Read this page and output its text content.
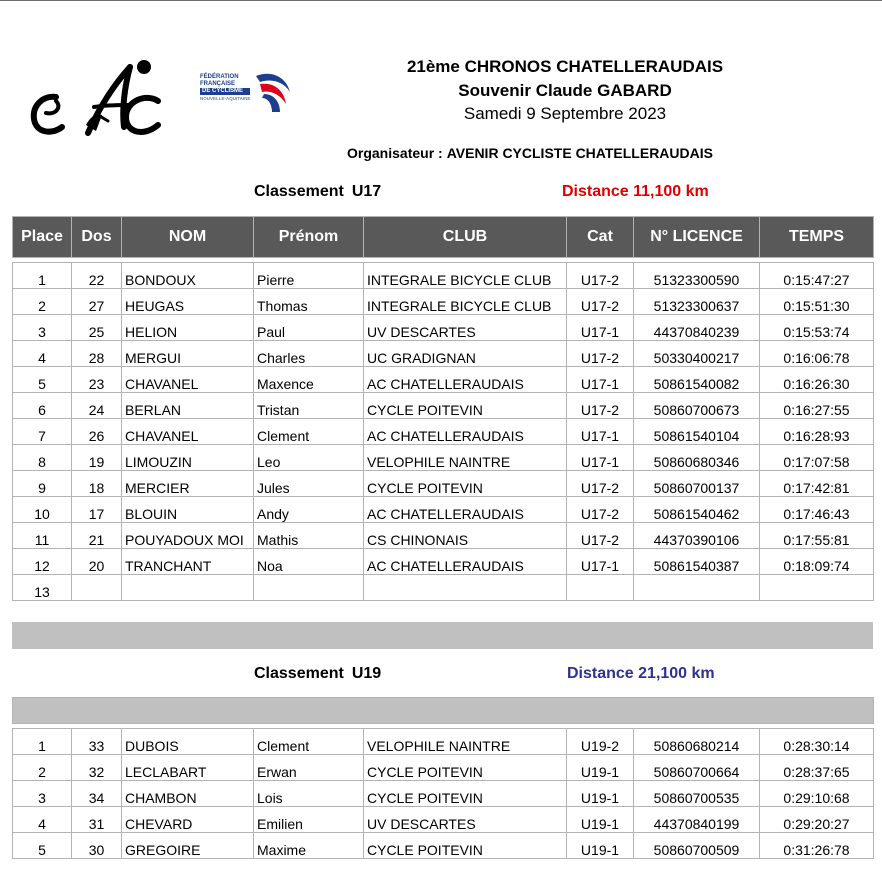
FÉDÉRATION
FRANÇAISE
DE CYCLISME
NOUVELLE-AQUITAINE
21ème CHRONOS CHATELLERAUDAIS
Souvenir Claude GABARD
Samedi 9 Septembre 2023
Organisateur : AVENIR CYCLISTE CHATELLERAUDAIS
Classement U17	Distance 11,100 km
Place	Dos	NOM	Prénom	CLUB	Cat	N° LICENCE	TEMPS

1	22	BONDOUX	Pierre	INTEGRALE BICYCLE CLUB	U17-2	51323300590	0:15:47:27
2	27	HEUGAS	Thomas	INTEGRALE BICYCLE CLUB	U17-2	51323300637	0:15:51:30
3	25	HELION	Paul	UV DESCARTES	U17-1	44370840239	0:15:53:74
4	28	MERGUI	Charles	UC GRADIGNAN	U17-2	50330400217	0:16:06:78
5	23	CHAVANEL	Maxence	AC CHATELLERAUDAIS	U17-1	50861540082	0:16:26:30
6	24	BERLAN	Tristan	CYCLE POITEVIN	U17-2	50860700673	0:16:27:55
7	26	CHAVANEL	Clement	AC CHATELLERAUDAIS	U17-1	50861540104	0:16:28:93
8	19	LIMOUZIN	Leo	VELOPHILE NAINTRE	U17-1	50860680346	0:17:07:58
9	18	MERCIER	Jules	CYCLE POITEVIN	U17-2	50860700137	0:17:42:81
10	17	BLOUIN	Andy	AC CHATELLERAUDAIS	U17-2	50861540462	0:17:46:43
11	21	POUYADOUX MOI	Mathis	CS CHINONAIS	U17-2	44370390106	0:17:55:81
12	20	TRANCHANT	Noa	AC CHATELLERAUDAIS	U17-1	50861540387	0:18:09:74
13							
Classement U19	Distance 21,100 km

1	33	DUBOIS	Clement	VELOPHILE NAINTRE	U19-2	50860680214	0:28:30:14
2	32	LECLABART	Erwan	CYCLE POITEVIN	U19-1	50860700664	0:28:37:65
3	34	CHAMBON	Lois	CYCLE POITEVIN	U19-1	50860700535	0:29:10:68
4	31	CHEVARD	Emilien	UV DESCARTES	U19-1	44370840199	0:29:20:27
5	30	GREGOIRE	Maxime	CYCLE POITEVIN	U19-1	50860700509	0:31:26:78
